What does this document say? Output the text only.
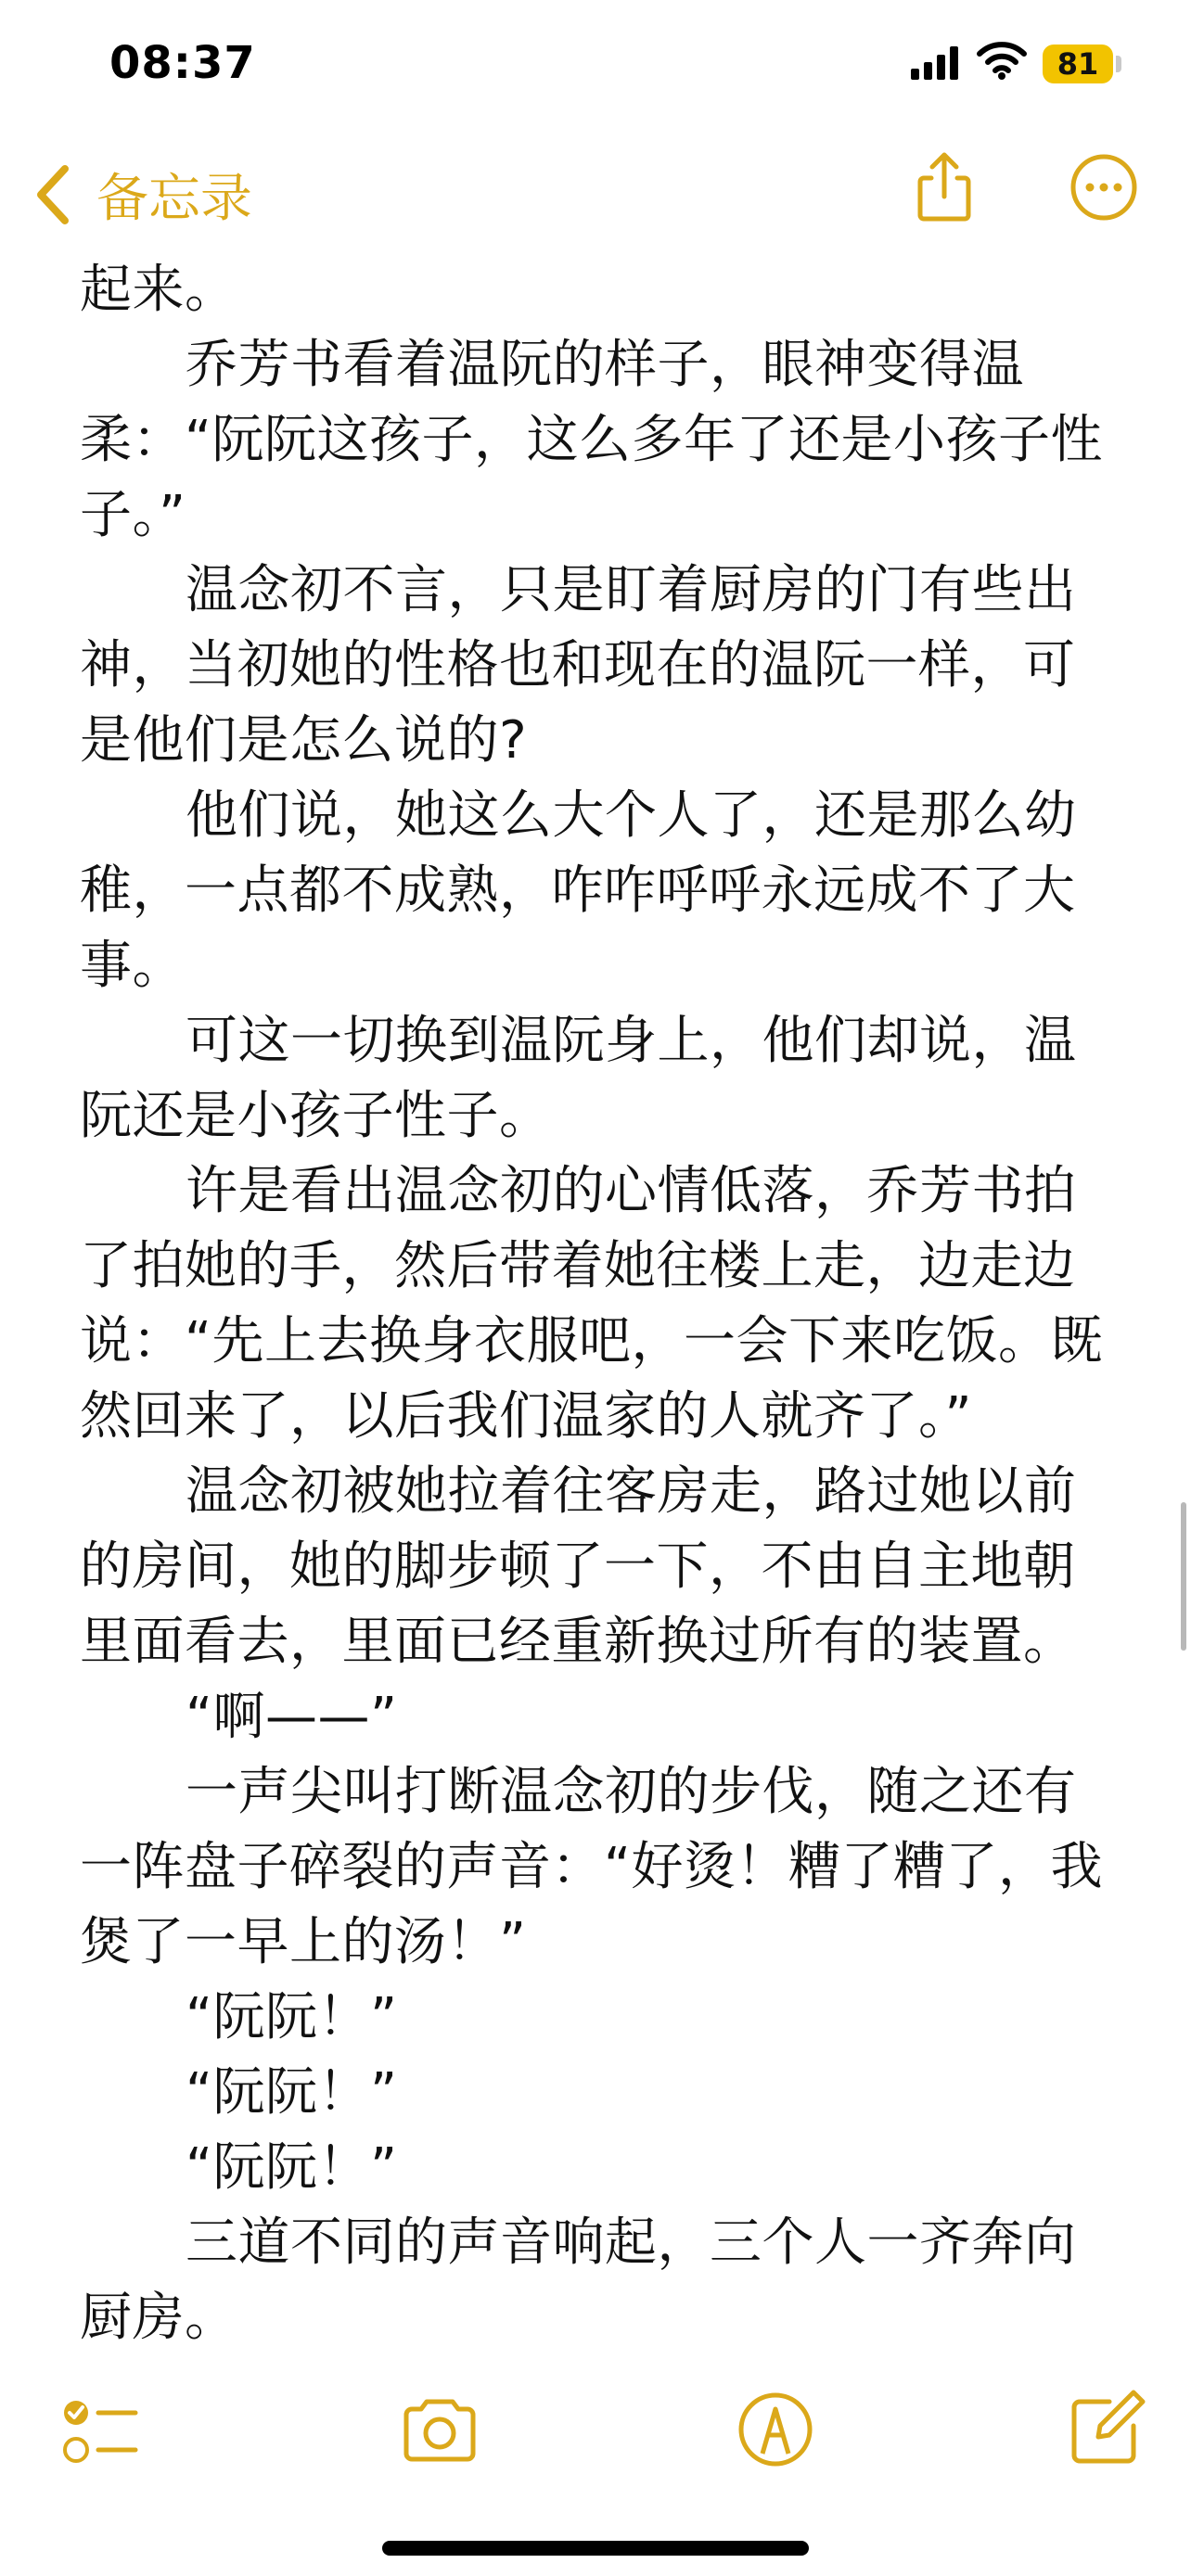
08:37	81
备忘录

起来。

乔芳书看着温阮的样子，眼神变得温柔：“阮阮这孩子，这么多年了还是小孩子性子。”

温念初不言，只是盯着厨房的门有些出神，当初她的性格也和现在的温阮一样，可是他们是怎么说的?

他们说，她这么大个人了，还是那么幼稚，一点都不成熟，咋咋呼呼永远成不了大事。

可这一切换到温阮身上，他们却说，温阮还是小孩子性子。

许是看出温念初的心情低落，乔芳书拍了拍她的手，然后带着她往楼上走，边走边说：“先上去换身衣服吧，一会下来吃饭。既然回来了，以后我们温家的人就齐了。”

温念初被她拉着往客房走，路过她以前的房间，她的脚步顿了一下，不由自主地朝里面看去，里面已经重新换过所有的装置。

“啊——”

一声尖叫打断温念初的步伐，随之还有一阵盘子碎裂的声音：“好烫！糟了糟了，我煲了一早上的汤！”

“阮阮！”

“阮阮！”

“阮阮！”

三道不同的声音响起，三个人一齐奔向厨房。
